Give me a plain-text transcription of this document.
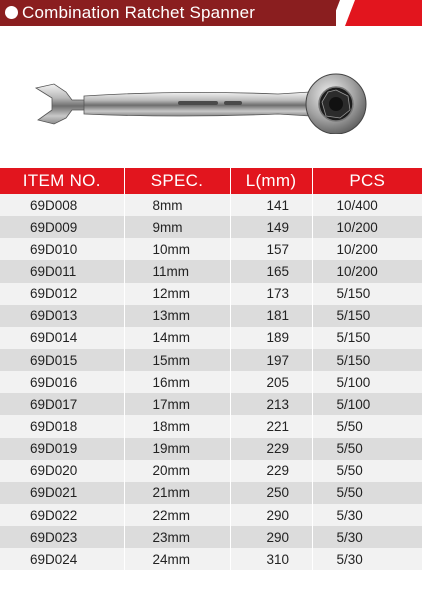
Combination Ratchet Spanner
ITEM NO.	SPEC.	L(mm)	PCS
69D008	8mm	141	10/400
69D009	9mm	149	10/200
69D010	10mm	157	10/200
69D011	11mm	165	10/200
69D012	12mm	173	5/150
69D013	13mm	181	5/150
69D014	14mm	189	5/150
69D015	15mm	197	5/150
69D016	16mm	205	5/100
69D017	17mm	213	5/100
69D018	18mm	221	5/50
69D019	19mm	229	5/50
69D020	20mm	229	5/50
69D021	21mm	250	5/50
69D022	22mm	290	5/30
69D023	23mm	290	5/30
69D024	24mm	310	5/30
